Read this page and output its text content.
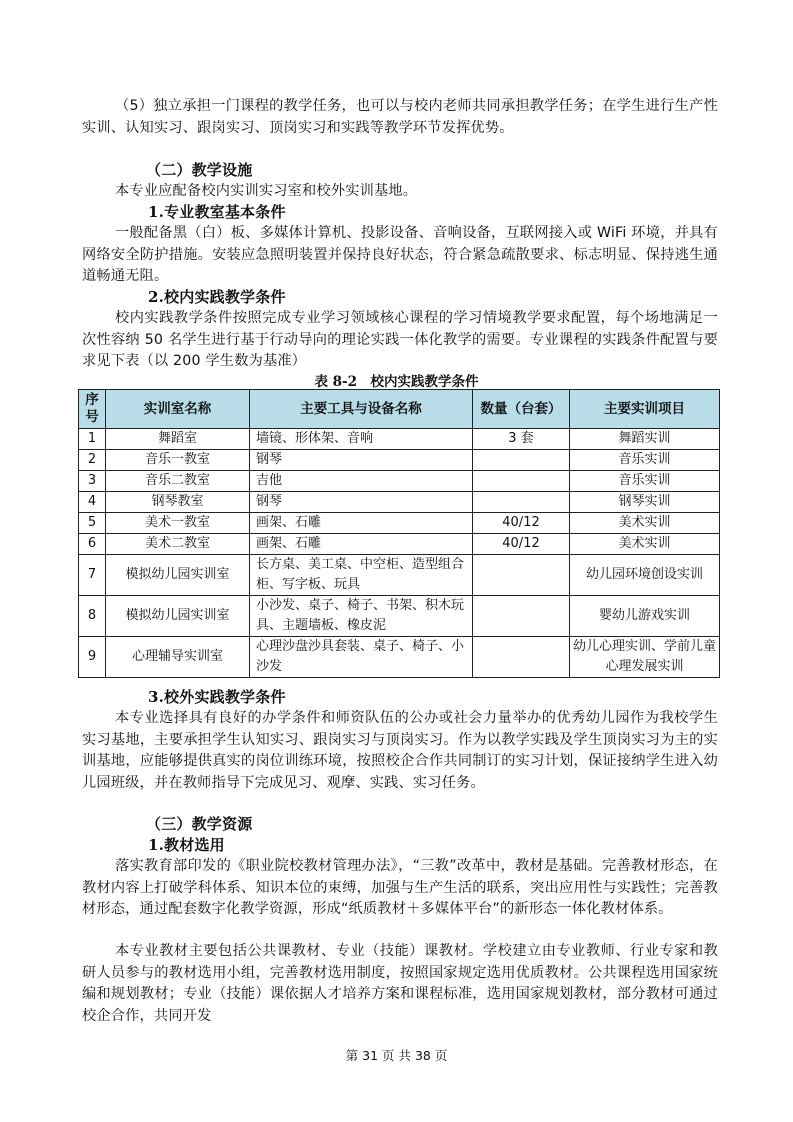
（5）独立承担一门课程的教学任务，也可以与校内老师共同承担教学任务；在学生进行生产性实训、认知实习、跟岗实习、顶岗实习和实践等教学环节发挥优势。

（二）教学设施

本专业应配备校内实训实习室和校外实训基地。

1.专业教室基本条件

一般配备黑（白）板、多媒体计算机、投影设备、音响设备，互联网接入或 WiFi 环境，并具有网络安全防护措施。安装应急照明装置并保持良好状态，符合紧急疏散要求、标志明显、保持逃生通道畅通无阻。

2.校内实践教学条件

校内实践教学条件按照完成专业学习领域核心课程的学习情境教学要求配置，每个场地满足一次性容纳 50 名学生进行基于行动导向的理论实践一体化教学的需要。专业课程的实践条件配置与要求见下表（以 200 学生数为基准）

表 8-2　校内实践教学条件
序号	实训室名称	主要工具与设备名称	数量（台套）	主要实训项目
1	舞蹈室	墙镜、形体架、音响	3 套	舞蹈实训
2	音乐一教室	钢琴		音乐实训
3	音乐二教室	吉他		音乐实训
4	钢琴教室	钢琴		钢琴实训
5	美术一教室	画架、石雕	40/12	美术实训
6	美术二教室	画架、石雕	40/12	美术实训
7	模拟幼儿园实训室	长方桌、美工桌、中空柜、造型组合柜、写字板、玩具		幼儿园环境创设实训
8	模拟幼儿园实训室	小沙发、桌子、椅子、书架、积木玩具、主题墙板、橡皮泥		婴幼儿游戏实训
9	心理辅导实训室	心理沙盘沙具套装、桌子、椅子、小沙发		幼儿心理实训、学前儿童心理发展实训

3.校外实践教学条件

本专业选择具有良好的办学条件和师资队伍的公办或社会力量举办的优秀幼儿园作为我校学生实习基地，主要承担学生认知实习、跟岗实习与顶岗实习。作为以教学实践及学生顶岗实习为主的实训基地，应能够提供真实的岗位训练环境，按照校企合作共同制订的实习计划，保证接纳学生进入幼儿园班级，并在教师指导下完成见习、观摩、实践、实习任务。

（三）教学资源

1.教材选用

落实教育部印发的《职业院校教材管理办法》，“三教”改革中，教材是基础。完善教材形态，在教材内容上打破学科体系、知识本位的束缚，加强与生产生活的联系，突出应用性与实践性；完善教材形态，通过配套数字化教学资源，形成“纸质教材＋多媒体平台”的新形态一体化教材体系。

本专业教材主要包括公共课教材、专业（技能）课教材。学校建立由专业教师、行业专家和教研人员参与的教材选用小组，完善教材选用制度，按照国家规定选用优质教材。公共课程选用国家统编和规划教材；专业（技能）课依据人才培养方案和课程标准，选用国家规划教材，部分教材可通过校企合作，共同开发

第 31 页 共 38 页
